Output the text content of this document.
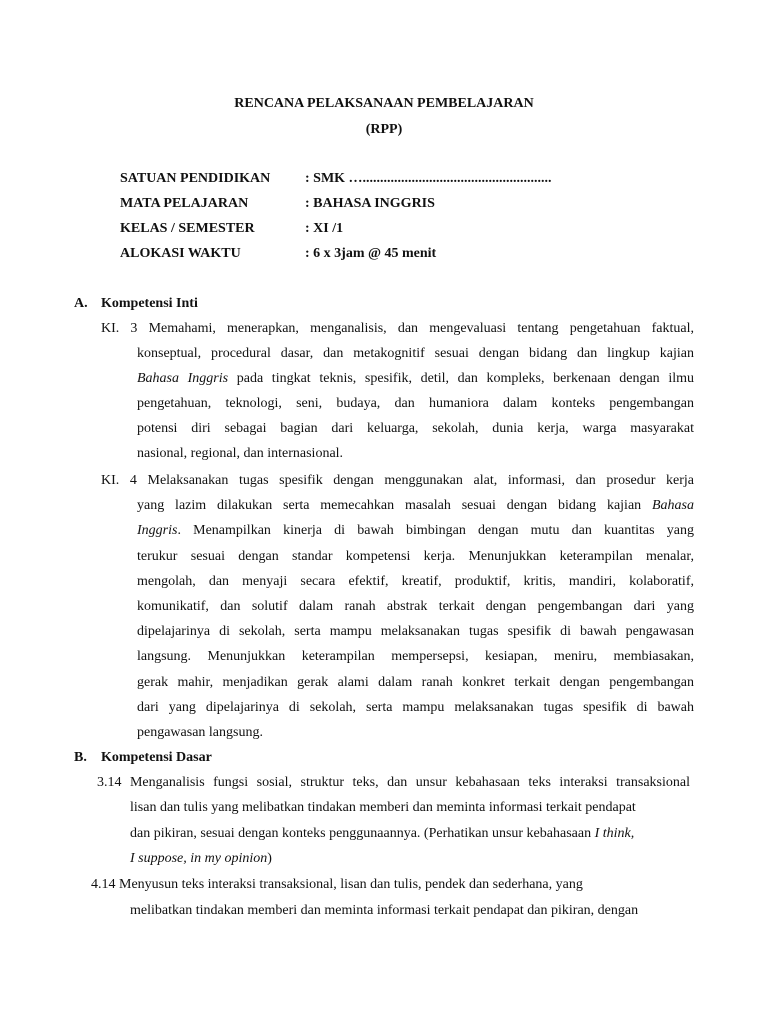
RENCANA PELAKSANAAN PEMBELAJARAN
(RPP)
SATUAN PENDIDIKAN	: SMK …......................................................
MATA PELAJARAN	: BAHASA INGGRIS
KELAS / SEMESTER	: XI /1
ALOKASI WAKTU	: 6 x 3jam @ 45 menit
A. Kompetensi Inti
KI. 3 Memahami, menerapkan, menganalisis, dan mengevaluasi tentang pengetahuan faktual,
konseptual, procedural dasar, dan metakognitif sesuai dengan bidang dan lingkup kajian
Bahasa Inggris pada tingkat teknis, spesifik, detil, dan kompleks, berkenaan dengan ilmu
pengetahuan, teknologi, seni, budaya, dan humaniora dalam konteks pengembangan
potensi diri sebagai bagian dari keluarga, sekolah, dunia kerja, warga masyarakat
nasional, regional, dan internasional.
KI. 4 Melaksanakan tugas spesifik dengan menggunakan alat, informasi, dan prosedur kerja
yang lazim dilakukan serta memecahkan masalah sesuai dengan bidang kajian Bahasa
Inggris. Menampilkan kinerja di bawah bimbingan dengan mutu dan kuantitas yang
terukur sesuai dengan standar kompetensi kerja. Menunjukkan keterampilan menalar,
mengolah, dan menyaji secara efektif, kreatif, produktif, kritis, mandiri, kolaboratif,
komunikatif, dan solutif dalam ranah abstrak terkait dengan pengembangan dari yang
dipelajarinya di sekolah, serta mampu melaksanakan tugas spesifik di bawah pengawasan
langsung. Menunjukkan keterampilan mempersepsi, kesiapan, meniru, membiasakan,
gerak mahir, menjadikan gerak alami dalam ranah konkret terkait dengan pengembangan
dari yang dipelajarinya di sekolah, serta mampu melaksanakan tugas spesifik di bawah
pengawasan langsung.
B. Kompetensi Dasar
3.14 Menganalisis fungsi sosial, struktur teks, dan unsur kebahasaan teks interaksi transaksional
lisan dan tulis yang melibatkan tindakan memberi dan meminta informasi terkait pendapat
dan pikiran, sesuai dengan konteks penggunaannya. (Perhatikan unsur kebahasaan I think,
I suppose, in my opinion)
4.14 Menyusun teks interaksi transaksional, lisan dan tulis, pendek dan sederhana, yang
melibatkan tindakan memberi dan meminta informasi terkait pendapat dan pikiran, dengan
